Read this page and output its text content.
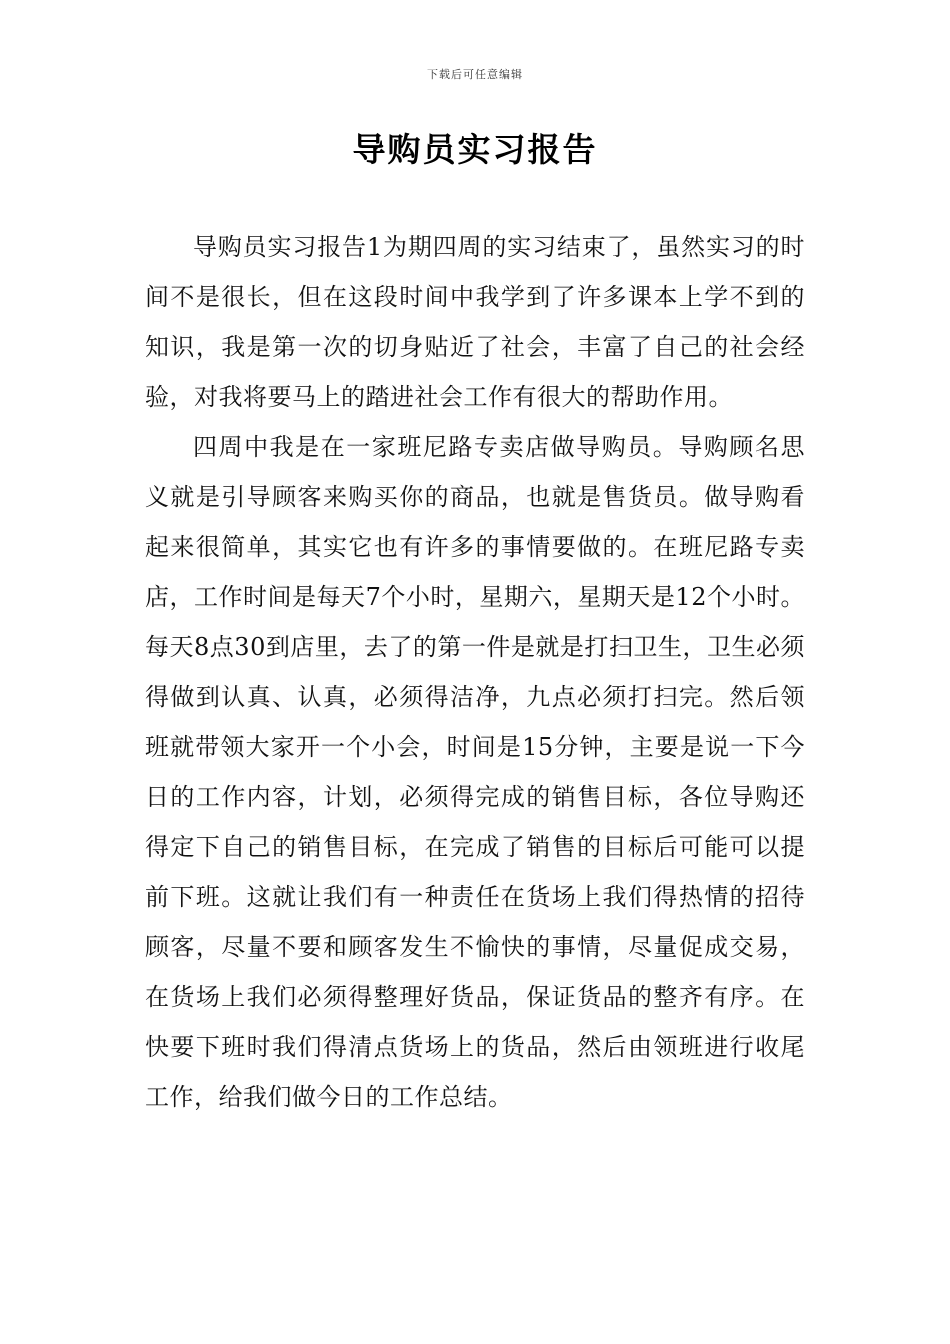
下载后可任意编辑
导购员实习报告

导购员实习报告1为期四周的实习结束了，虽然实习的时间不是很长，但在这段时间中我学到了许多课本上学不到的知识，我是第一次的切身贴近了社会，丰富了自己的社会经验，对我将要马上的踏进社会工作有很大的帮助作用。

四周中我是在一家班尼路专卖店做导购员。导购顾名思义就是引导顾客来购买你的商品，也就是售货员。做导购看起来很简单，其实它也有许多的事情要做的。在班尼路专卖店，工作时间是每天7个小时，星期六，星期天是12个小时。每天8点30到店里，去了的第一件是就是打扫卫生，卫生必须得做到认真、认真，必须得洁净，九点必须打扫完。然后领班就带领大家开一个小会，时间是15分钟，主要是说一下今日的工作内容，计划，必须得完成的销售目标，各位导购还得定下自己的销售目标，在完成了销售的目标后可能可以提前下班。这就让我们有一种责任在货场上我们得热情的招待顾客，尽量不要和顾客发生不愉快的事情，尽量促成交易，在货场上我们必须得整理好货品，保证货品的整齐有序。在快要下班时我们得清点货场上的货品，然后由领班进行收尾工作，给我们做今日的工作总结。
